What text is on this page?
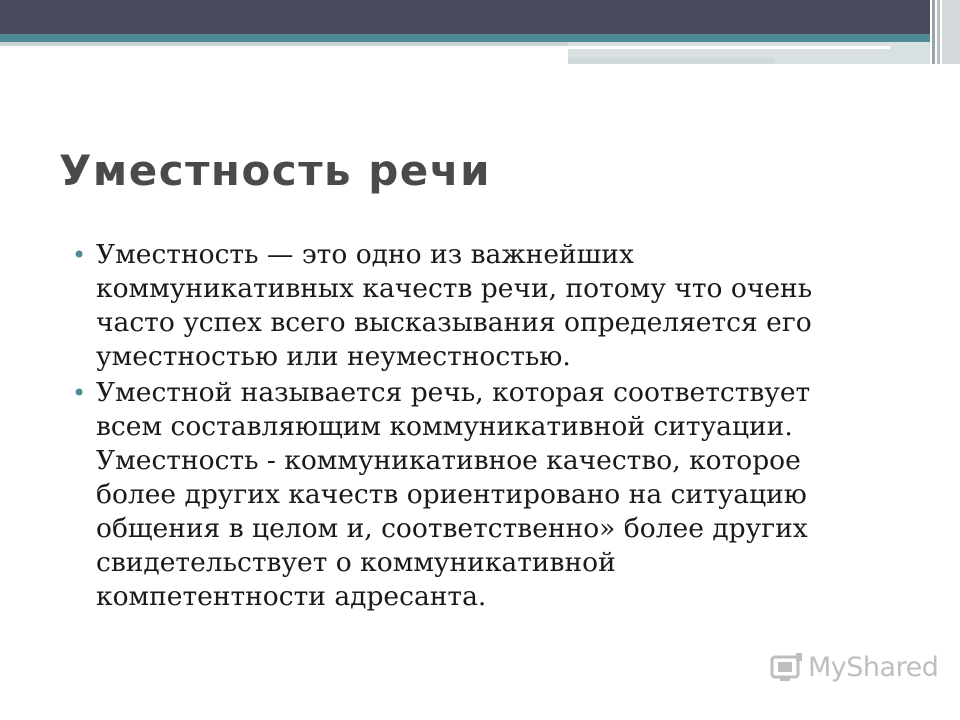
Уместность речи
• Уместность — это одно из важнейших коммуникативных качеств речи, потому что очень часто успех всего высказывания определяется его уместностью или неуместностью.
• Уместной называется речь, которая соответствует всем составляющим коммуникативной ситуации. Уместность - коммуникативное качество, которое более других качеств ориентировано на ситуацию общения в целом и, соответственно» более других свидетельствует о коммуникативной компетентности адресанта.
MyShared
